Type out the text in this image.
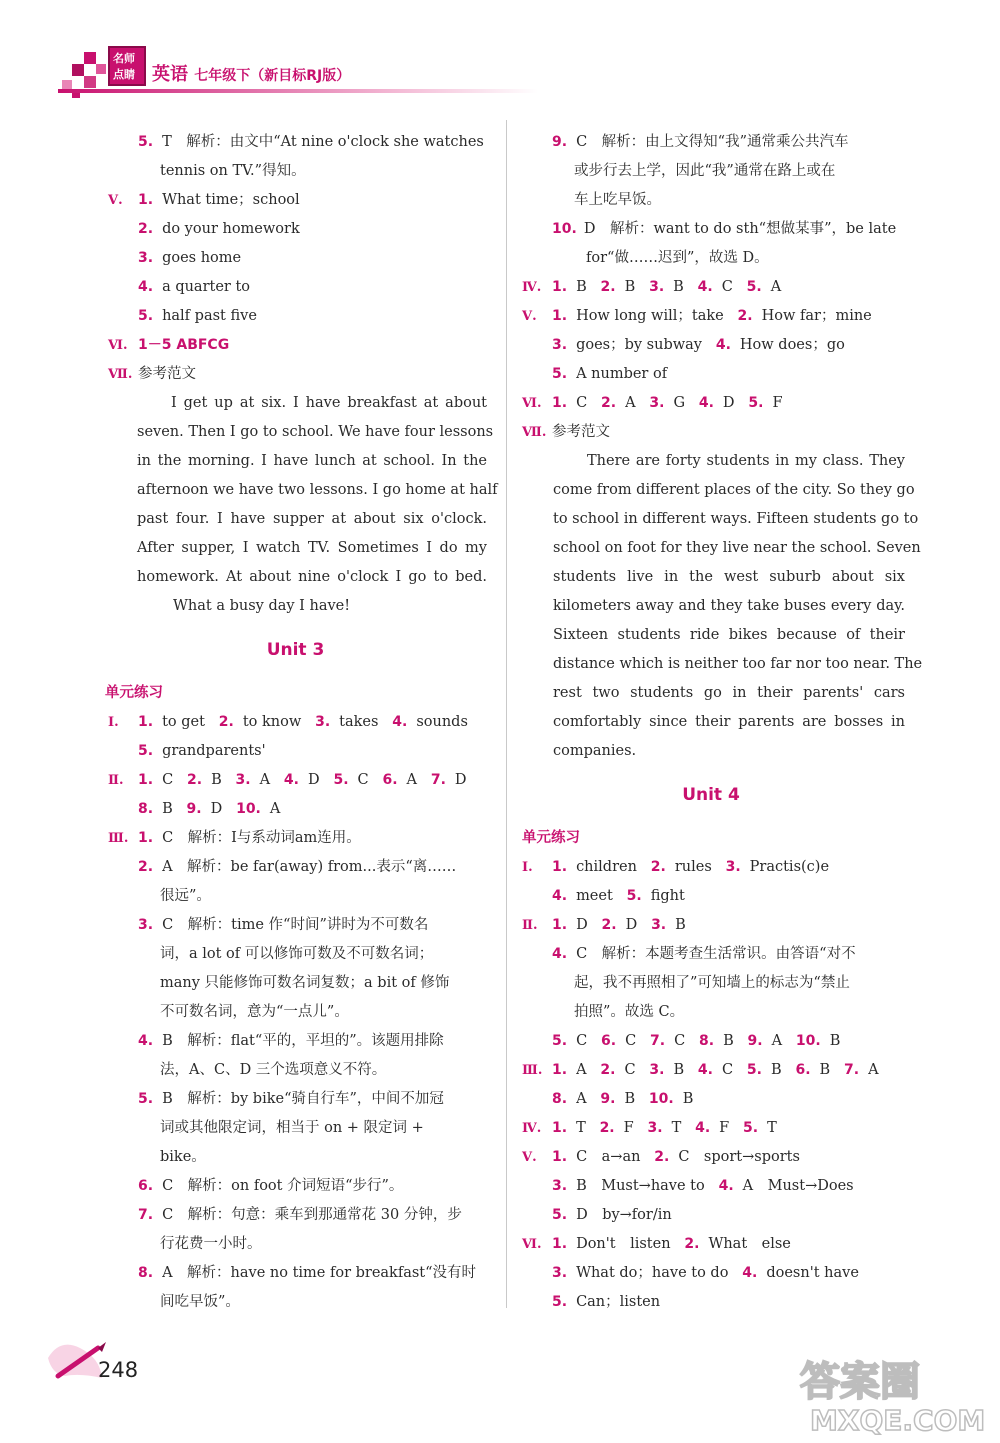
名师
点睛 英语 七年级下（新目标RJ版）
5. T　解析：由文中“At nine o'clock she watches
tennis on TV.”得知。
Ⅴ. 1. What time；school
2. do your homework
3. goes home
4. a quarter to
5. half past five
Ⅵ. 1－5 ABFCG
Ⅶ. 参考范文
I get up at six. I have breakfast at about
seven. Then I go to school. We have four lessons
in the morning. I have lunch at school. In the
afternoon we have two lessons. I go home at half
past four. I have supper at about six o'clock.
After supper, I watch TV. Sometimes I do my
homework. At about nine o'clock I go to bed.
What a busy day I have!
Unit 3
单元练习
Ⅰ. 1. to get 2. to know 3. takes 4. sounds
5. grandparents'
Ⅱ. 1. C 2. B 3. A 4. D 5. C 6. A 7. D
8. B 9. D 10. A
Ⅲ. 1. C　解析：I与系动词am连用。
2. A　解析：be far(away) from...表示“离……
很远”。
3. C　解析：time 作“时间”讲时为不可数名
词，a lot of 可以修饰可数及不可数名词；
many 只能修饰可数名词复数；a bit of 修饰
不可数名词，意为“一点儿”。
4. B　解析：flat“平的，平坦的”。该题用排除
法，A、C、D 三个选项意义不符。
5. B　解析：by bike“骑自行车”，中间不加冠
词或其他限定词，相当于 on + 限定词 +
bike。
6. C　解析：on foot 介词短语“步行”。
7. C　解析：句意：乘车到那通常花 30 分钟，步
行花费一小时。
8. A　解析：have no time for breakfast“没有时
间吃早饭”。
9. C　解析：由上文得知“我”通常乘公共汽车
或步行去上学，因此“我”通常在路上或在
车上吃早饭。
10. D　解析：want to do sth“想做某事”，be late
for“做……迟到”，故选 D。
Ⅳ. 1. B 2. B 3. B 4. C 5. A
Ⅴ. 1. How long will；take 2. How far；mine
3. goes；by subway 4. How does；go
5. A number of
Ⅵ. 1. C 2. A 3. G 4. D 5. F
Ⅶ. 参考范文
There are forty students in my class. They
come from different places of the city. So they go
to school in different ways. Fifteen students go to
school on foot for they live near the school. Seven
students live in the west suburb about six
kilometers away and they take buses every day.
Sixteen students ride bikes because of their
distance which is neither too far nor too near. The
rest two students go in their parents' cars
comfortably since their parents are bosses in
companies.
Unit 4
单元练习
Ⅰ. 1. children 2. rules 3. Practis(c)e
4. meet 5. fight
Ⅱ. 1. D 2. D 3. B
4. C　解析：本题考查生活常识。由答语“对不
起，我不再照相了”可知墙上的标志为“禁止
拍照”。故选 C。
5. C 6. C 7. C 8. B 9. A 10. B
Ⅲ. 1. A 2. C 3. B 4. C 5. B 6. B 7. A
8. A 9. B 10. B
Ⅳ. 1. T 2. F 3. T 4. F 5. T
Ⅴ. 1. C　a→an 2. C　sport→sports
3. B　Must→have to 4. A　Must→Does
5. D　by→for/in
Ⅵ. 1. Don't　listen 2. What　else
3. What do；have to do 4. doesn't have
5. Can；listen
248	答案圈
MXQE.COM
